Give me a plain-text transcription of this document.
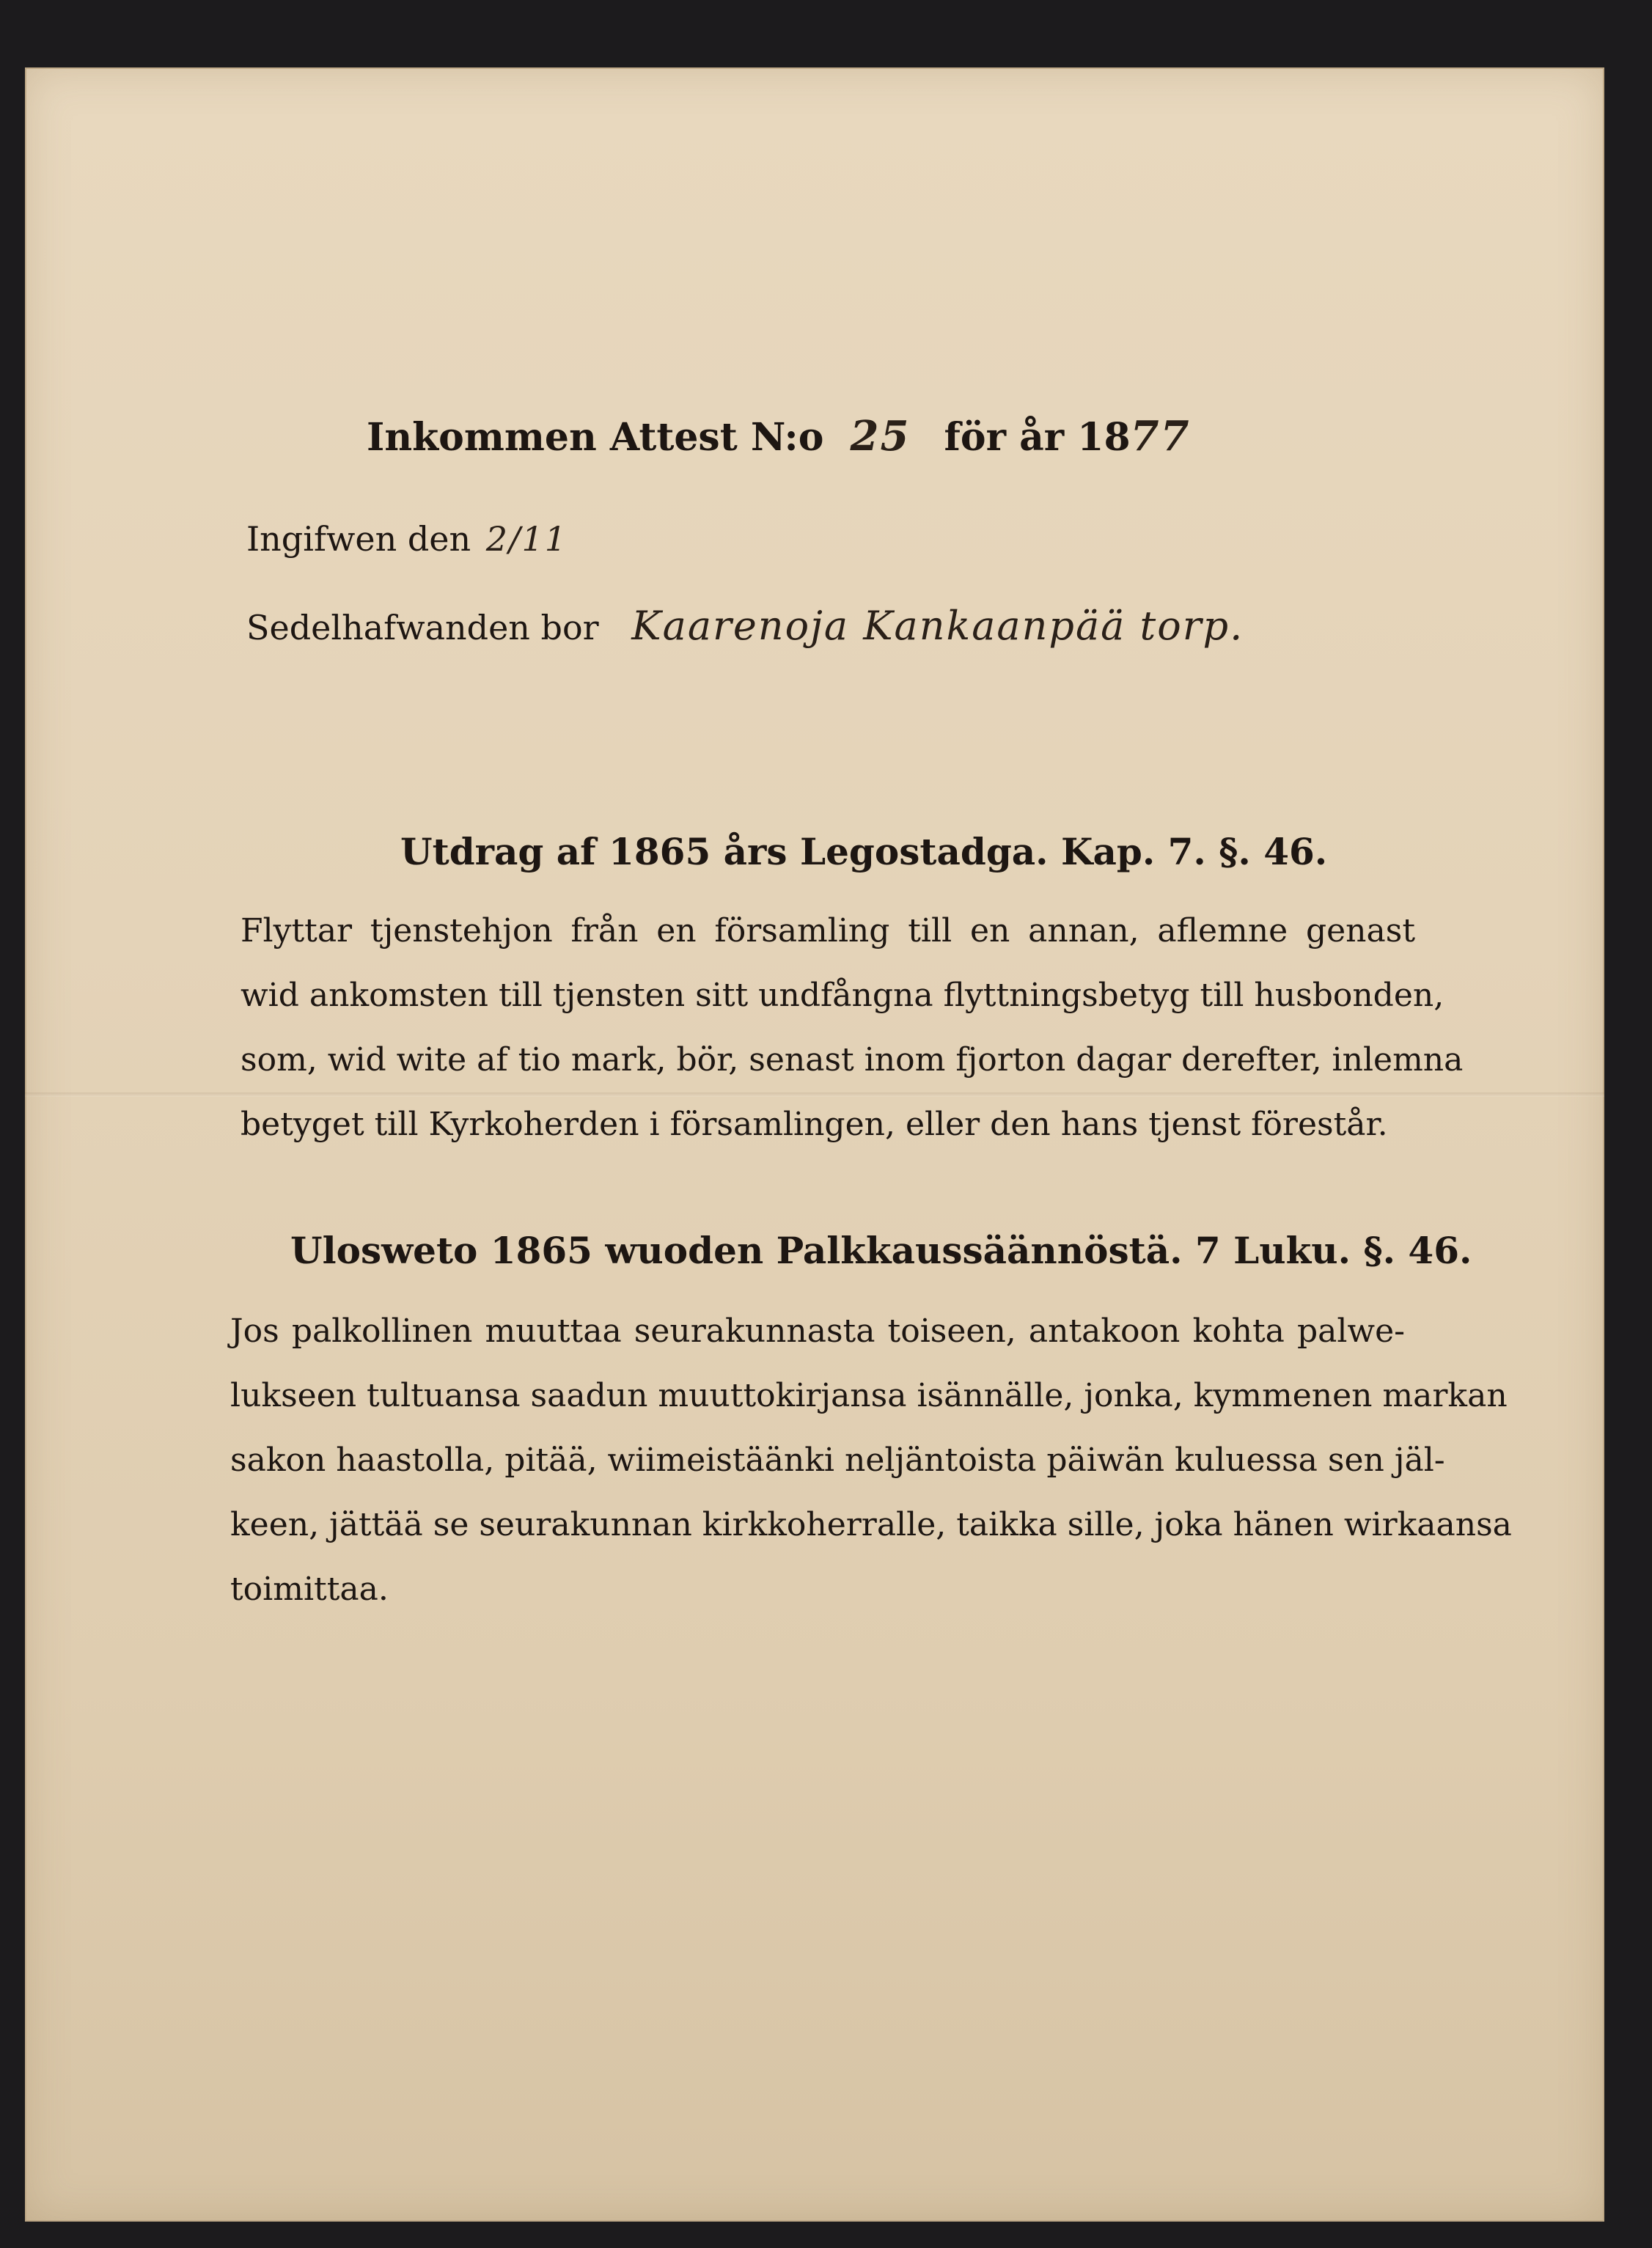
Inkommen Attest N:o 25 för år 1877
Ingifwen den 2/11
Sedelhafwanden bor Kaarenoja Kankaanpää torp.
Utdrag af 1865 års Legostadga. Kap. 7. §. 46.
Flyttar tjenstehjon från en församling till en annan, aflemne genast
wid ankomsten till tjensten sitt undfångna flyttningsbetyg till husbonden,
som, wid wite af tio mark, bör, senast inom fjorton dagar derefter, inlemna
betyget till Kyrkoherden i församlingen, eller den hans tjenst förestår.
Ulosweto 1865 wuoden Palkkaussäännöstä. 7 Luku. §. 46.
Jos palkollinen muuttaa seurakunnasta toiseen, antakoon kohta palwe-
lukseen tultuansa saadun muuttokirjansa isännälle, jonka, kymmenen markan
sakon haastolla, pitää, wiimeistäänki neljäntoista päiwän kuluessa sen jäl-
keen, jättää se seurakunnan kirkkoherralle, taikka sille, joka hänen wirkaansa
toimittaa.
